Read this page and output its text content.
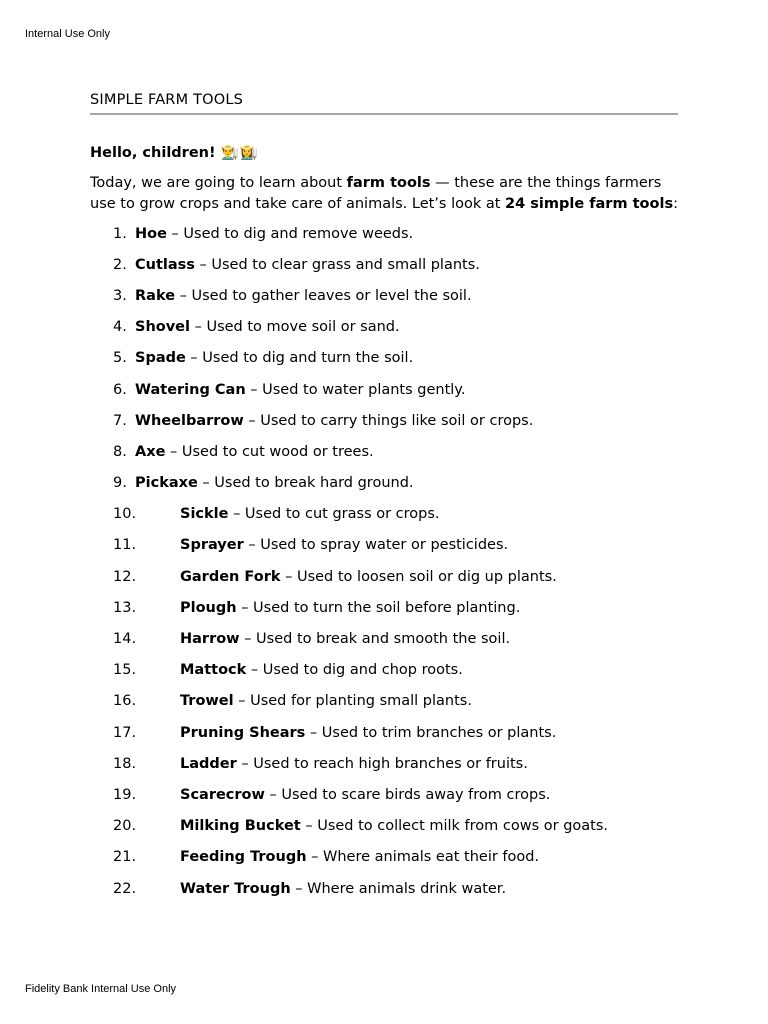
Internal Use Only
SIMPLE FARM TOOLS
Hello, children! 👨‍🌾👩‍🌾
Today, we are going to learn about farm tools — these are the things farmers use to grow crops and take care of animals. Let’s look at 24 simple farm tools:
1. Hoe – Used to dig and remove weeds.
2. Cutlass – Used to clear grass and small plants.
3. Rake – Used to gather leaves or level the soil.
4. Shovel – Used to move soil or sand.
5. Spade – Used to dig and turn the soil.
6. Watering Can – Used to water plants gently.
7. Wheelbarrow – Used to carry things like soil or crops.
8. Axe – Used to cut wood or trees.
9. Pickaxe – Used to break hard ground.
10.	Sickle – Used to cut grass or crops.
11.	Sprayer – Used to spray water or pesticides.
12.	Garden Fork – Used to loosen soil or dig up plants.
13.	Plough – Used to turn the soil before planting.
14.	Harrow – Used to break and smooth the soil.
15.	Mattock – Used to dig and chop roots.
16.	Trowel – Used for planting small plants.
17.	Pruning Shears – Used to trim branches or plants.
18.	Ladder – Used to reach high branches or fruits.
19.	Scarecrow – Used to scare birds away from crops.
20.	Milking Bucket – Used to collect milk from cows or goats.
21.	Feeding Trough – Where animals eat their food.
22.	Water Trough – Where animals drink water.
Fidelity Bank Internal Use Only
